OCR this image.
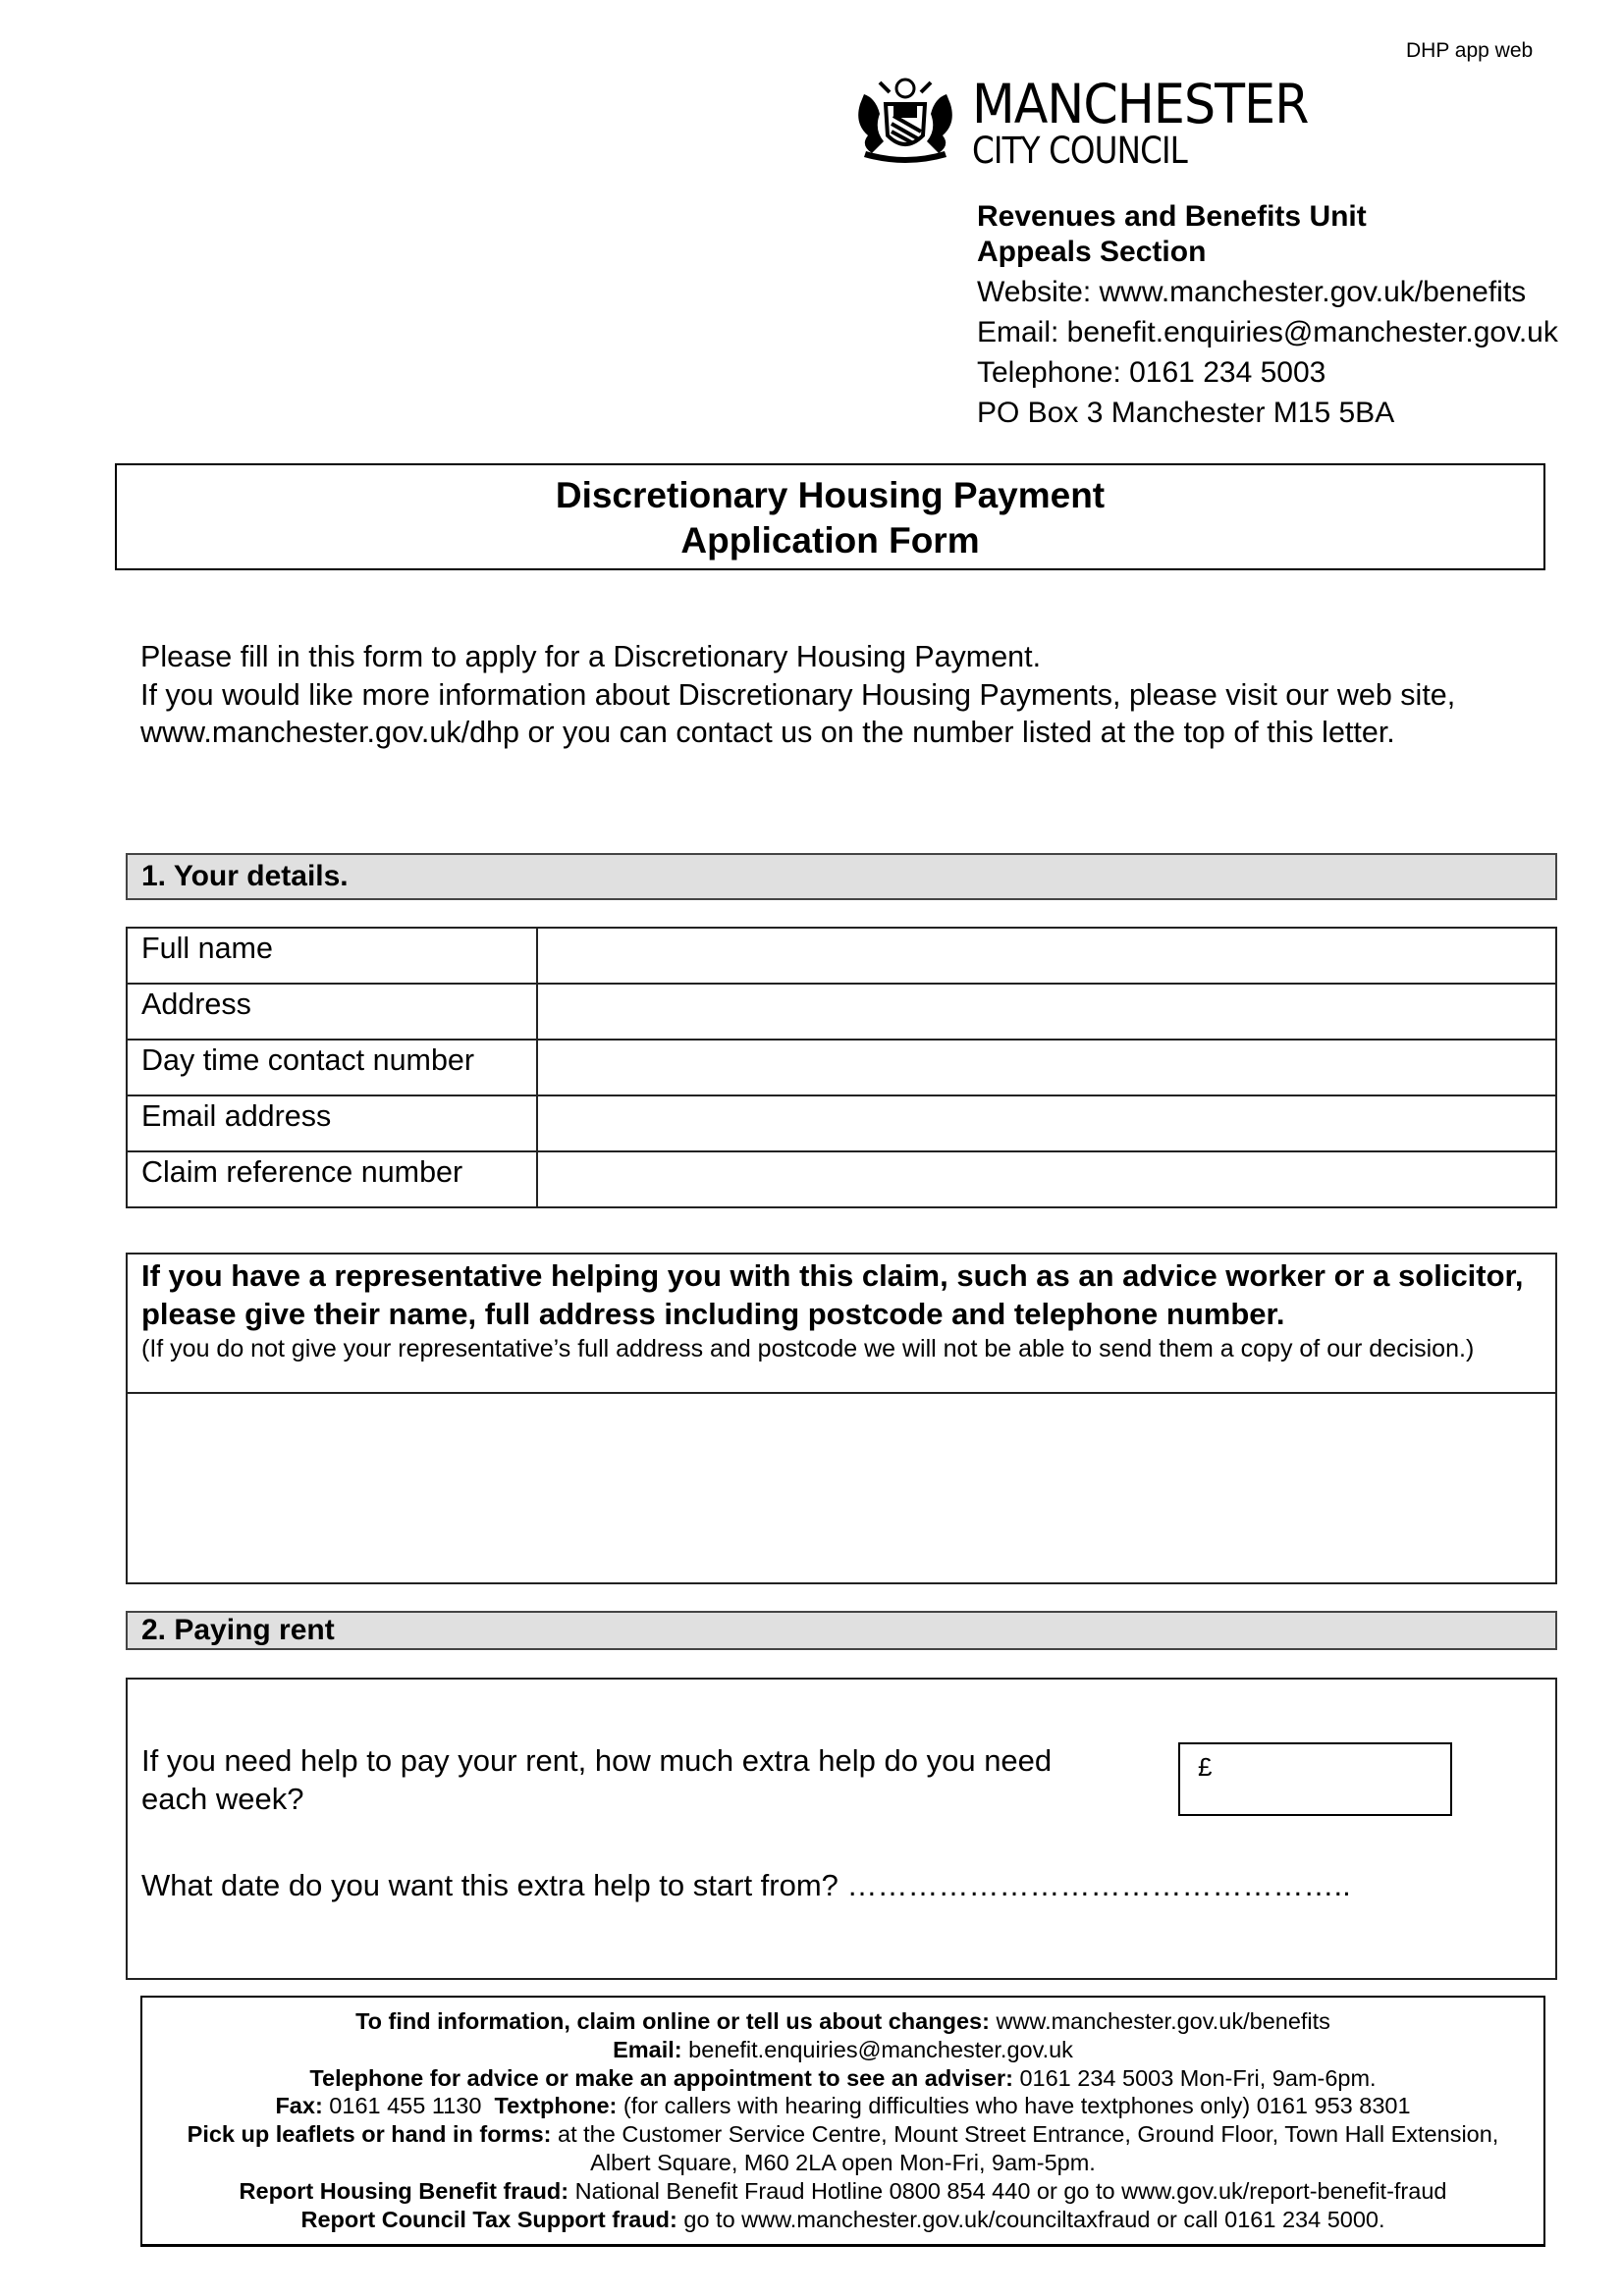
DHP app web
MANCHESTER
CITY COUNCIL
Revenues and Benefits Unit
Appeals Section
Website: www.manchester.gov.uk/benefits
Email: benefit.enquiries@manchester.gov.uk
Telephone: 0161 234 5003
PO Box 3 Manchester M15 5BA
Discretionary Housing Payment
Application Form
Please fill in this form to apply for a Discretionary Housing Payment.
If you would like more information about Discretionary Housing Payments, please visit our web site, www.manchester.gov.uk/dhp or you can contact us on the number listed at the top of this letter.
1. Your details.
Full name	
Address	
Day time contact number	
Email address	
Claim reference number	
If you have a representative helping you with this claim, such as an advice worker or a solicitor, please give their name, full address including postcode and telephone number.
(If you do not give your representative’s full address and postcode we will not be able to send them a copy of our decision.)
2. Paying rent
If you need help to pay your rent, how much extra help do you need each week?
£
What date do you want this extra help to start from? …………………………………………..
To find information, claim online or tell us about changes: www.manchester.gov.uk/benefits
Email: benefit.enquiries@manchester.gov.uk
Telephone for advice or make an appointment to see an adviser: 0161 234 5003 Mon-Fri, 9am-6pm.
Fax: 0161 455 1130  Textphone: (for callers with hearing difficulties who have textphones only) 0161 953 8301
Pick up leaflets or hand in forms: at the Customer Service Centre, Mount Street Entrance, Ground Floor, Town Hall Extension, Albert Square, M60 2LA open Mon-Fri, 9am-5pm.
Report Housing Benefit fraud: National Benefit Fraud Hotline 0800 854 440 or go to www.gov.uk/report-benefit-fraud
Report Council Tax Support fraud: go to www.manchester.gov.uk/counciltaxfraud or call 0161 234 5000.
